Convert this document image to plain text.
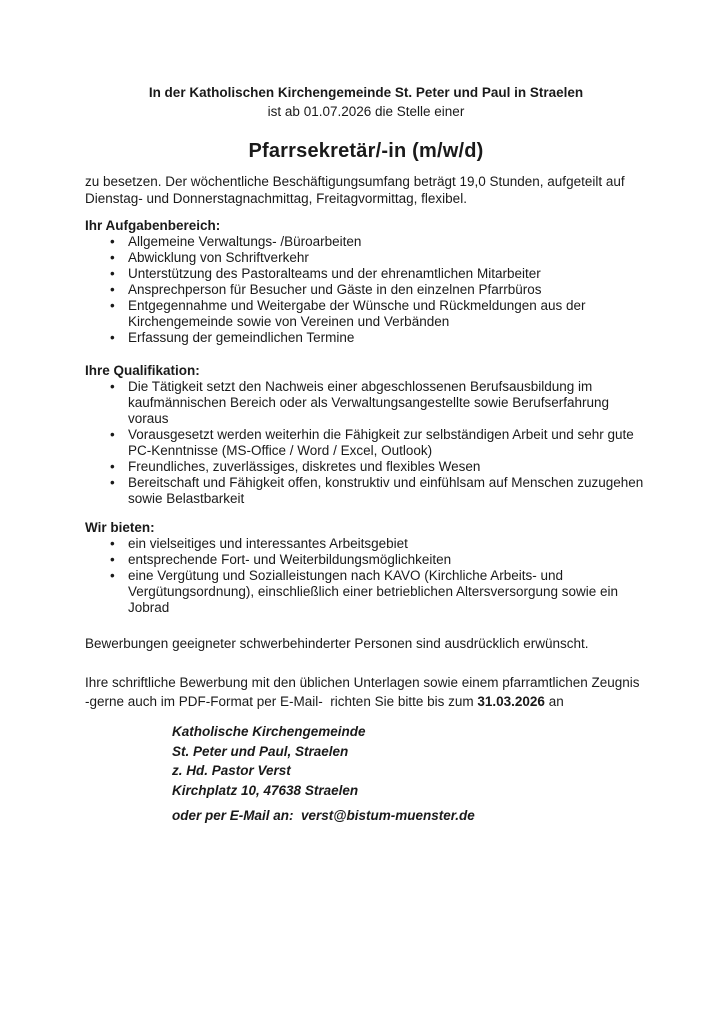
In der Katholischen Kirchengemeinde St. Peter und Paul in Straelen

ist ab 01.07.2026 die Stelle einer

Pfarrsekretär/-in (m/w/d)

zu besetzen. Der wöchentliche Beschäftigungsumfang beträgt 19,0 Stunden, aufgeteilt auf Dienstag- und Donnerstagnachmittag, Freitagvormittag, flexibel.

Ihr Aufgabenbereich:
• Allgemeine Verwaltungs- /Büroarbeiten
• Abwicklung von Schriftverkehr
• Unterstützung des Pastoralteams und der ehrenamtlichen Mitarbeiter
• Ansprechperson für Besucher und Gäste in den einzelnen Pfarrbüros
• Entgegennahme und Weitergabe der Wünsche und Rückmeldungen aus der Kirchengemeinde sowie von Vereinen und Verbänden
• Erfassung der gemeindlichen Termine
Ihre Qualifikation:
• Die Tätigkeit setzt den Nachweis einer abgeschlossenen Berufsausbildung im kaufmännischen Bereich oder als Verwaltungsangestellte sowie Berufserfahrung voraus
• Vorausgesetzt werden weiterhin die Fähigkeit zur selbständigen Arbeit und sehr gute PC-Kenntnisse (MS-Office / Word / Excel, Outlook)
• Freundliches, zuverlässiges, diskretes und flexibles Wesen
• Bereitschaft und Fähigkeit offen, konstruktiv und einfühlsam auf Menschen zuzugehen sowie Belastbarkeit
Wir bieten:
• ein vielseitiges und interessantes Arbeitsgebiet
• entsprechende Fort- und Weiterbildungsmöglichkeiten
• eine Vergütung und Sozialleistungen nach KAVO (Kirchliche Arbeits- und Vergütungsordnung), einschließlich einer betrieblichen Altersversorgung sowie ein Jobrad

Bewerbungen geeigneter schwerbehinderter Personen sind ausdrücklich erwünscht.

Ihre schriftliche Bewerbung mit den üblichen Unterlagen sowie einem pfarramtlichen Zeugnis -gerne auch im PDF-Format per E-Mail-  richten Sie bitte bis zum 31.03.2026 an

Katholische Kirchengemeinde
St. Peter und Paul, Straelen
z. Hd. Pastor Verst
Kirchplatz 10, 47638 Straelen

oder per E-Mail an:  verst@bistum-muenster.de
